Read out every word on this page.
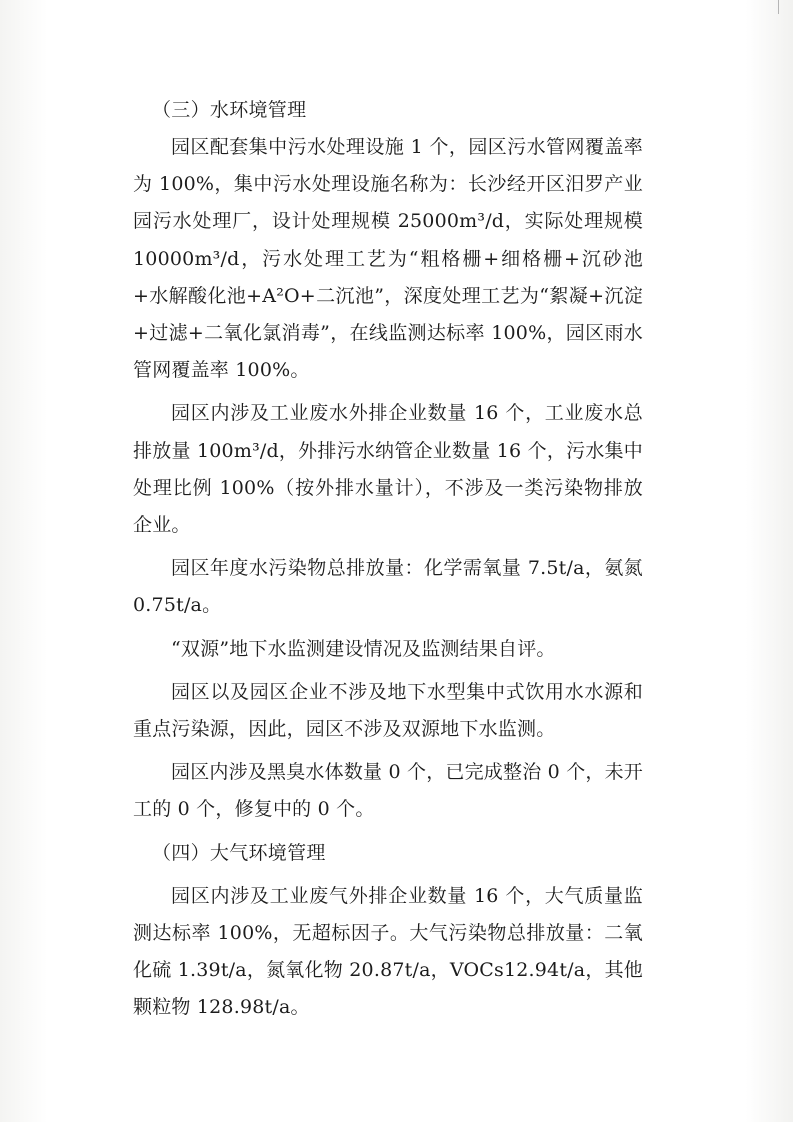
（三）水环境管理

园区配套集中污水处理设施 1 个，园区污水管网覆盖率为 100%，集中污水处理设施名称为：长沙经开区汨罗产业园污水处理厂，设计处理规模 25000m³/d，实际处理规模 10000m³/d，污水处理工艺为“粗格栅+细格栅+沉砂池+水解酸化池+A²O+二沉池”，深度处理工艺为“絮凝+沉淀+过滤+二氧化氯消毒”，在线监测达标率 100%，园区雨水管网覆盖率 100%。

园区内涉及工业废水外排企业数量 16 个，工业废水总排放量 100m³/d，外排污水纳管企业数量 16 个，污水集中处理比例 100%（按外排水量计），不涉及一类污染物排放企业。

园区年度水污染物总排放量：化学需氧量 7.5t/a，氨氮 0.75t/a。

“双源”地下水监测建设情况及监测结果自评。

园区以及园区企业不涉及地下水型集中式饮用水水源和重点污染源，因此，园区不涉及双源地下水监测。

园区内涉及黑臭水体数量 0 个，已完成整治 0 个，未开工的 0 个，修复中的 0 个。

（四）大气环境管理

园区内涉及工业废气外排企业数量 16 个，大气质量监测达标率 100%，无超标因子。大气污染物总排放量：二氧化硫 1.39t/a，氮氧化物 20.87t/a，VOCs12.94t/a，其他颗粒物 128.98t/a。
